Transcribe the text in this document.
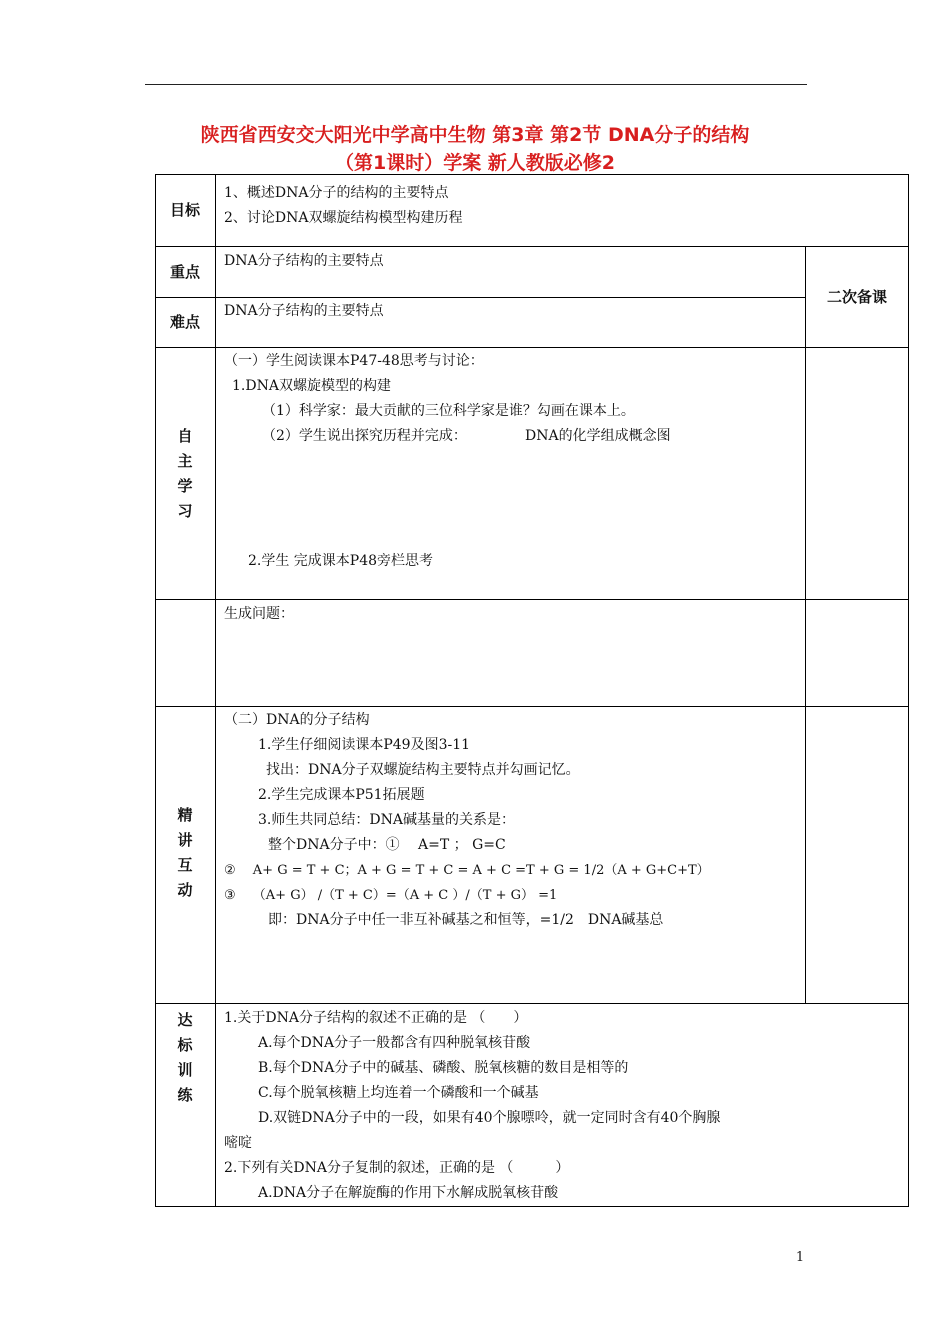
陕西省西安交大阳光中学高中生物 第3章 第2节 DNA分子的结构
（第1课时）学案 新人教版必修2
目标
1、概述DNA分子的结构的主要特点
2、讨论DNA双螺旋结构模型构建历程
重点
DNA分子结构的主要特点
难点
DNA分子结构的主要特点
二次备课
自
主
学
习
（一）学生阅读课本P47-48思考与讨论：
1.DNA双螺旋模型的构建
（1）科学家：最大贡献的三位科学家是谁？勾画在课本上。
（2）学生说出探究历程并完成：	DNA的化学组成概念图
2.学生 完成课本P48旁栏思考
生成问题：
精
讲
互
动
（二）DNA的分子结构
1.学生仔细阅读课本P49及图3-11
找出：DNA分子双螺旋结构主要特点并勾画记忆。
2.学生完成课本P51拓展题
3.师生共同总结：DNA碱基量的关系是：
整个DNA分子中：①　 A=T ； G=C
②　 A+ G = T + C；A + G = T + C = A + C =T + G = 1/2（A + G+C+T）
③　 （A+ G） /（T + C）=（A + C ）/（T + G） =1
即：DNA分子中任一非互补碱基之和恒等，=1/2　DNA碱基总
达
标
训
练
1.关于DNA分子结构的叙述不正确的是 （　　）
A.每个DNA分子一般都含有四种脱氧核苷酸
B.每个DNA分子中的碱基、磷酸、脱氧核糖的数目是相等的
C.每个脱氧核糖上均连着一个磷酸和一个碱基
D.双链DNA分子中的一段，如果有40个腺嘌呤，就一定同时含有40个胸腺
嘧啶
2.下列有关DNA分子复制的叙述，正确的是 （　　　）
A.DNA分子在解旋酶的作用下水解成脱氧核苷酸
1
